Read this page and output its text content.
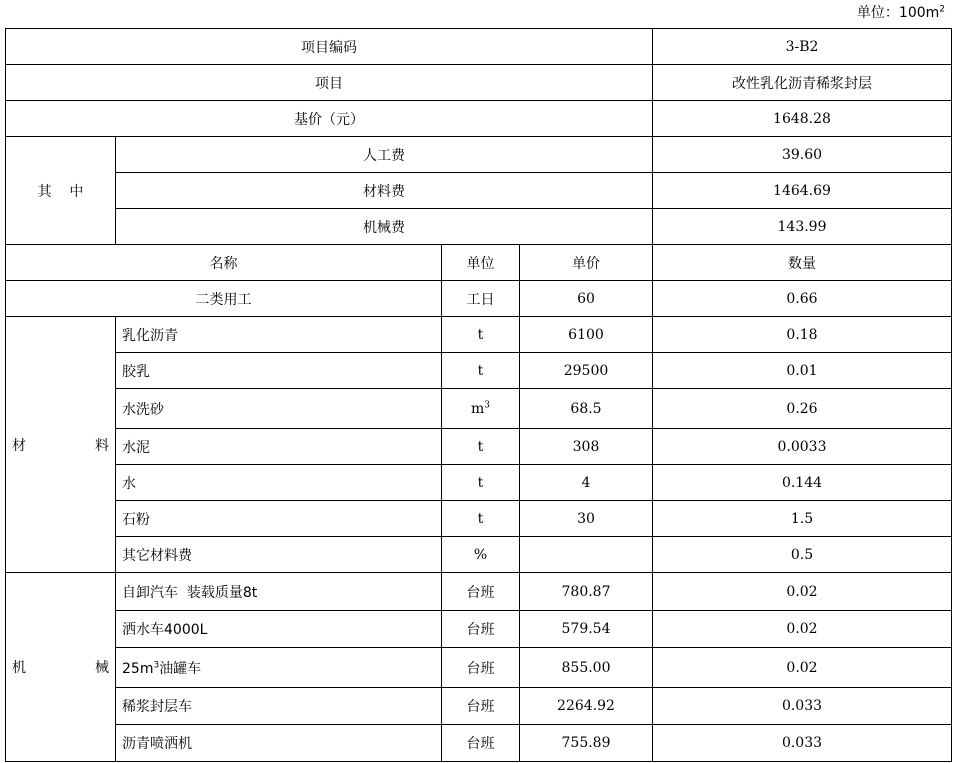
单位：$100m^2$
项目编码				3-B2
项目				改性乳化沥青稀浆封层
基价（元）				1648.28
其 中	人工费			39.60
	材料费			1464.69
	机械费			143.99
名称		单位	单价	数量
二类用工		工日	60	0.66

材 料	乳化沥青	t	6100	0.18
	胶乳	t	29500	0.01
	水洗砂	$m^3$	68.5	0.26
	水泥	t	308	0.0033
	水	t	4	0.144
	石粉	t	30	1.5
	其它材料费	%		0.5

机 械	自卸汽车  装载质量8t	台班	780.87	0.02
	洒水车4000L	台班	579.54	0.02
	$25m^3$油罐车	台班	855.00	0.02
	稀浆封层车	台班	2264.92	0.033
	沥青喷洒机	台班	755.89	0.033
